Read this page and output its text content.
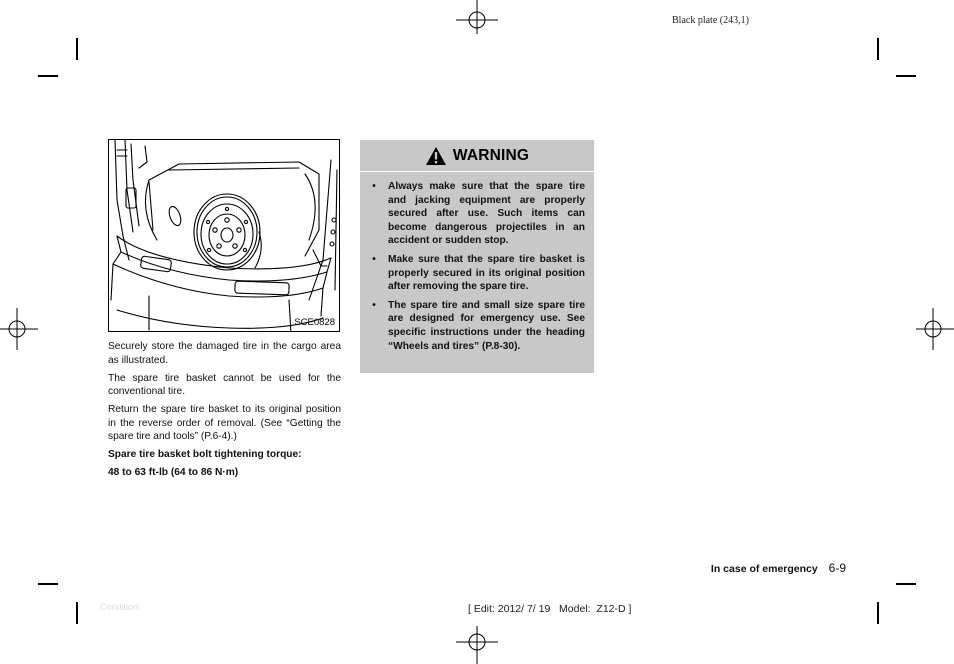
Black plate (243,1)
SCE0828

Securely store the damaged tire in the cargo area as illustrated.

The spare tire basket cannot be used for the conventional tire.

Return the spare tire basket to its original position in the reverse order of removal. (See “Getting the spare tire and tools” (P.6-4).)

Spare tire basket bolt tightening torque:

48 to 63 ft-lb (64 to 86 N·m)

WARNING
•	Always make sure that the spare tire and jacking equipment are properly secured after use. Such items can become dangerous projectiles in an accident or sudden stop.
•	Make sure that the spare tire basket is properly secured in its original position after removing the spare tire.
•	The spare tire and small size spare tire are designed for emergency use. See specific instructions under the heading “Wheels and tires” (P.8-30).
In case of emergency 6-9
Condition:	[ Edit: 2012/ 7/ 19   Model:  Z12-D ]
